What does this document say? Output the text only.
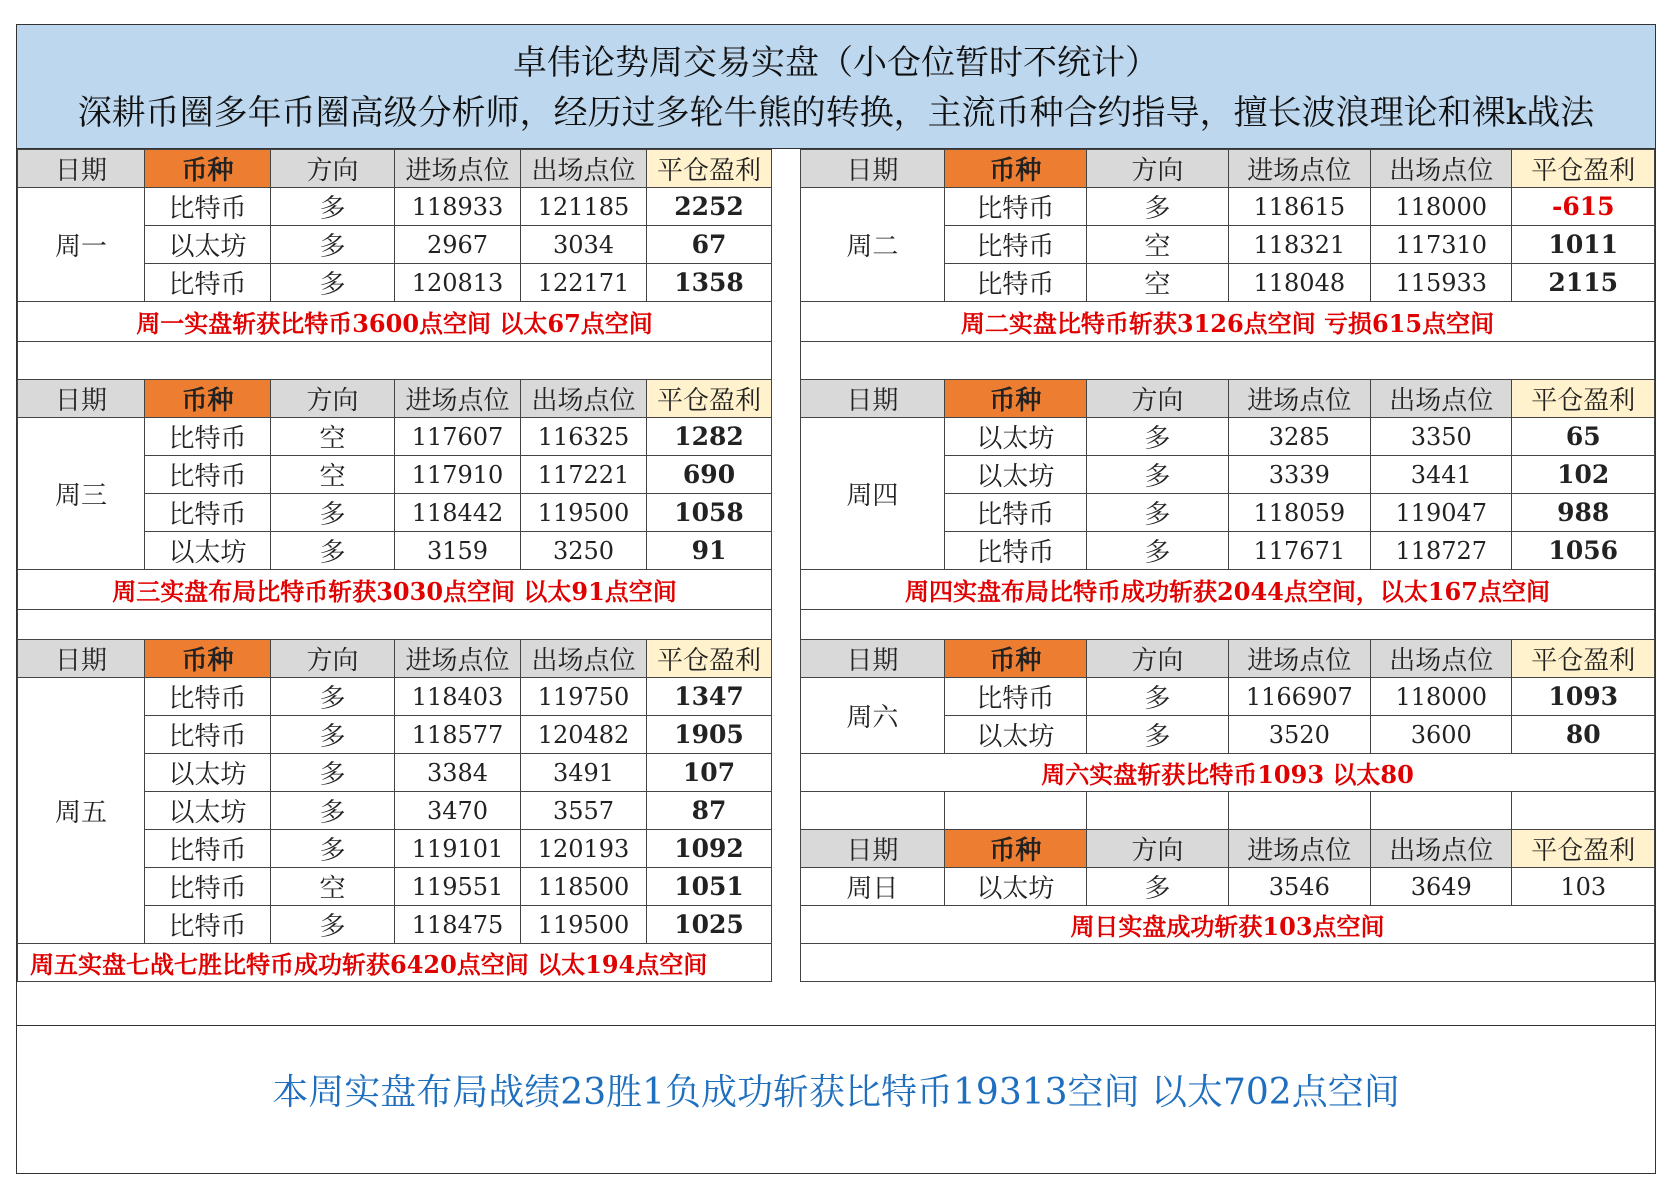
卓伟论势周交易实盘（小仓位暂时不统计）
深耕币圈多年币圈高级分析师，经历过多轮牛熊的转换，主流币种合约指导，擅长波浪理论和裸k战法
日期	币种	方向	进场点位	出场点位	平仓盈利
周一	比特币	多	118933	121185	2252
	以太坊	多	2967	3034	67
	比特币	多	120813	122171	1358
周一实盘斩获比特币3600点空间 以太67点空间					

日期	币种	方向	进场点位	出场点位	平仓盈利
周三	比特币	空	117607	116325	1282
	比特币	空	117910	117221	690
	比特币	多	118442	119500	1058
	以太坊	多	3159	3250	91
周三实盘布局比特币斩获3030点空间 以太91点空间					

日期	币种	方向	进场点位	出场点位	平仓盈利
周五	比特币	多	118403	119750	1347
	比特币	多	118577	120482	1905
	以太坊	多	3384	3491	107
	以太坊	多	3470	3557	87
	比特币	多	119101	120193	1092
	比特币	空	119551	118500	1051
	比特币	多	118475	119500	1025
周五实盘七战七胜比特币成功斩获6420点空间 以太194点空间					
日期	币种	方向	进场点位	出场点位	平仓盈利
周二	比特币	多	118615	118000	-615
	比特币	空	118321	117310	1011
	比特币	空	118048	115933	2115
周二实盘比特币斩获3126点空间 亏损615点空间					

日期	币种	方向	进场点位	出场点位	平仓盈利
周四	以太坊	多	3285	3350	65
	以太坊	多	3339	3441	102
	比特币	多	118059	119047	988
	比特币	多	117671	118727	1056
周四实盘布局比特币成功斩获2044点空间，以太167点空间					

日期	币种	方向	进场点位	出场点位	平仓盈利
周六	比特币	多	1166907	118000	1093
	以太坊	多	3520	3600	80
周六实盘斩获比特币1093 以太80					

日期	币种	方向	进场点位	出场点位	平仓盈利
周日	以太坊	多	3546	3649	103
周日实盘成功斩获103点空间					

本周实盘布局战绩23胜1负成功斩获比特币19313空间 以太702点空间
